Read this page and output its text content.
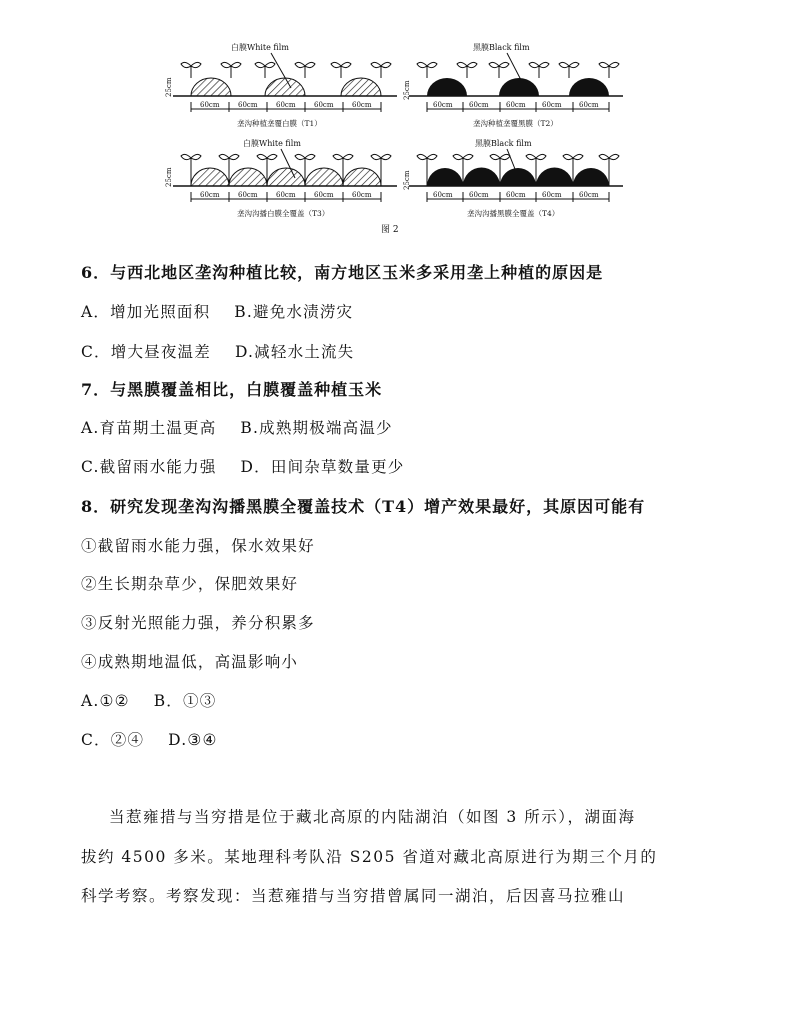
白膜White film
25cm
60cm	60cm	60cm	60cm	60cm
垄沟种植垄覆白膜（T1）
黑膜Black film
25cm
60cm 60cm	60cm 60cm	60cm
垄沟种植垄覆黑膜（T2）
白膜White film
25cm
60cm	60cm	60cm	60cm	60cm
垄沟沟播白膜全覆盖（T3）
黑膜Black film
25cm
60cm 60cm	60cm 60cm	60cm
垄沟沟播黑膜全覆盖（T4）
图 2
6．与西北地区垄沟种植比较，南方地区玉米多采用垄上种植的原因是
A．增加光照面积 B.避免水渍涝灾
C．增大昼夜温差 D.减轻水土流失
7．与黑膜覆盖相比，白膜覆盖种植玉米
A.育苗期土温更高 B.成熟期极端高温少
C.截留雨水能力强 D．田间杂草数量更少
8．研究发现垄沟沟播黑膜全覆盖技术（T4）增产效果最好，其原因可能有
①截留雨水能力强，保水效果好
②生长期杂草少，保肥效果好
③反射光照能力强，养分积累多
④成熟期地温低，高温影响小
A.①② B．①③
C．②④ D.③④
当惹雍措与当穷措是位于藏北高原的内陆湖泊（如图 3 所示），湖面海
拔约 4500 多米。某地理科考队沿 S205 省道对藏北高原进行为期三个月的
科学考察。考察发现：当惹雍措与当穷措曾属同一湖泊，后因喜马拉雅山
